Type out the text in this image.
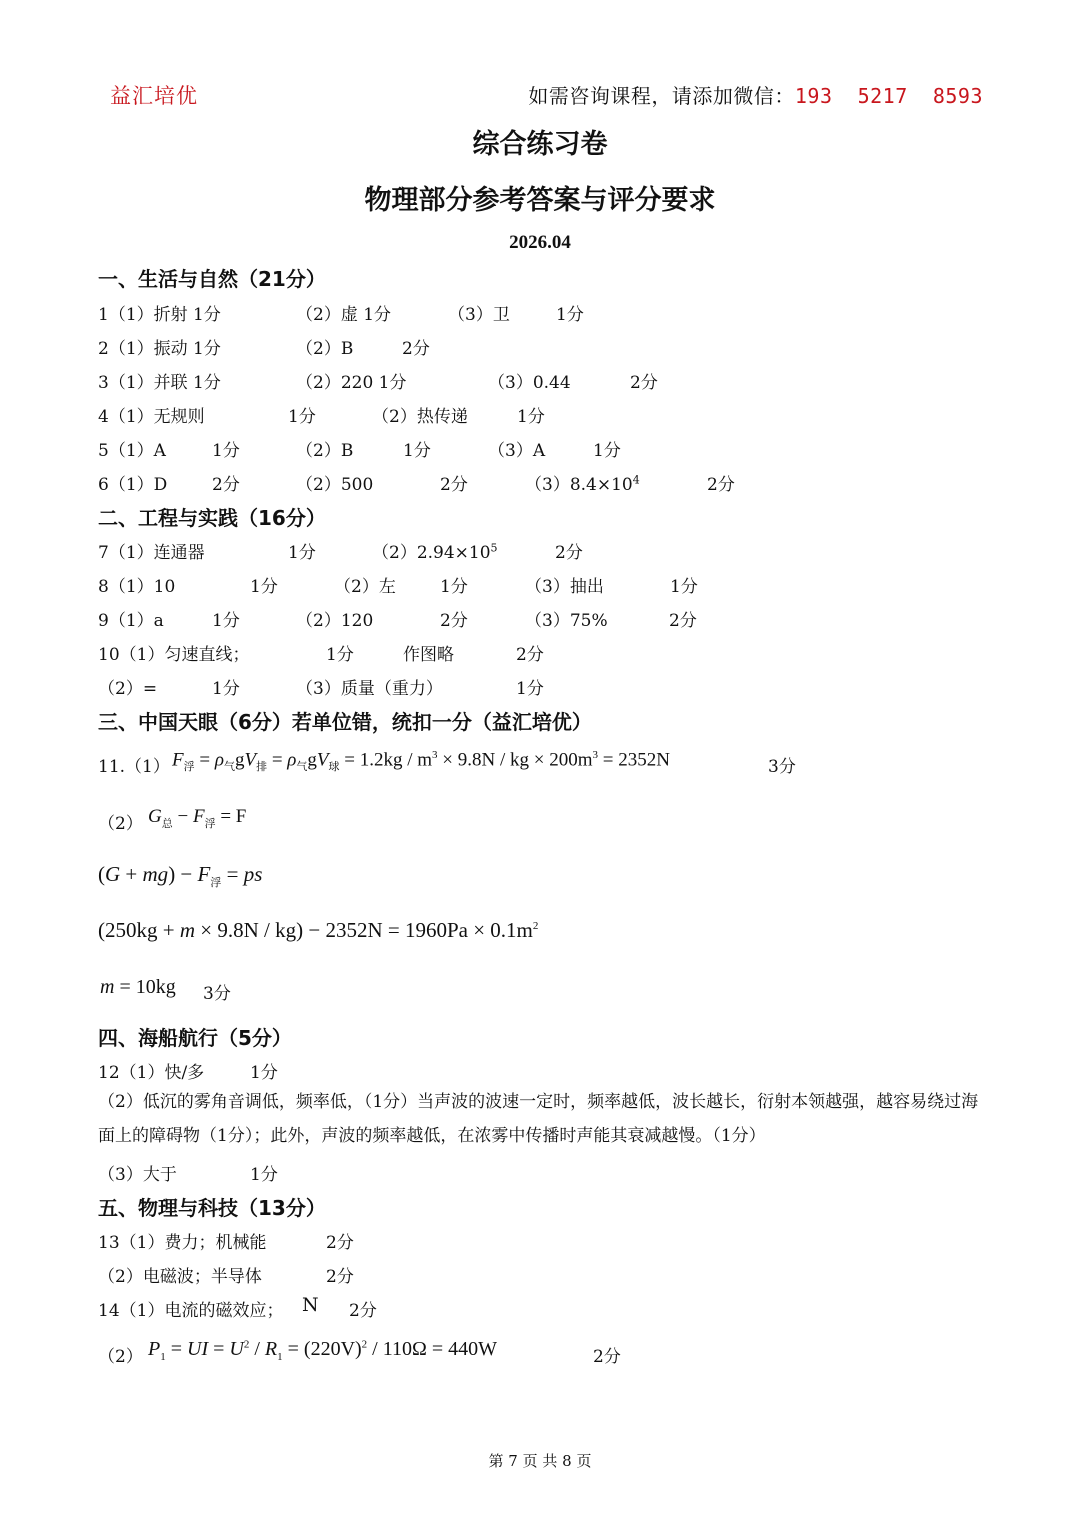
益汇培优	如需咨询课程，请添加微信：193  5217  8593
综合练习卷
物理部分参考答案与评分要求
2026.04
一、生活与自然（21分）
1（1）折射 1分	（2）虚 1分	（3）卫	1分
2（1）振动 1分	（2）B	2分
3（1）并联 1分	（2）220 1分	（3）0.44	2分
4（1）无规则	1分	（2）热传递	1分
5（1）A	1分	（2）B	1分	（3）A	1分
6（1）D	2分	（2）500	2分	$(3)8.4\times 10^4$	2分
二、工程与实践（16分）
7（1）连通器	1分	$(2)2.94\times 10^5$	2分
8（1）10	1分	（2）左	1分	（3）抽出	1分
9（1）a	1分	（2）120	2分	（3）75%	2分
10（1）匀速直线；	1分	作图略	2分
（2）=	1分	（3）质量（重力）	1分
三、中国天眼（6分）若单位错，统扣一分（益汇培优）
11.（1） $F_浮 = \rho_气gV_排 = \rho_气gV_球 = 1.2kg / m^3 \times 9.8N$ / kg × $200m^3 = 2352N$	3分
（2） $G_总 - F_浮 = F$
$(G + mg) - F_浮$ = ps
$(250kg + m \times 9.8N / kg) - 2352N = 1960Pa \times 0.1m^2$
m = 10kg 3分
四、海船航行（5分）
12（1）快/多	1分
（2）低沉的雾角音调低，频率低，（1分）当声波的波速一定时，频率越低，波长越长，衍射本领越强，越容易绕过海面上的障碍物（1分）；此外，声波的频率越低，在浓雾中传播时声能其衰减越慢。（1分）
（3）大于	1分
五、物理与科技（13分）
13（1）费力；机械能	2分
（2）电磁波；半导体	2分
14（1）电流的磁效应； N 2分
（2） $P_1$ = UI = $U^2 / R_1 = (220V)^2 / 110\Omega = 440W$	2分
第 7 页 共 8 页
